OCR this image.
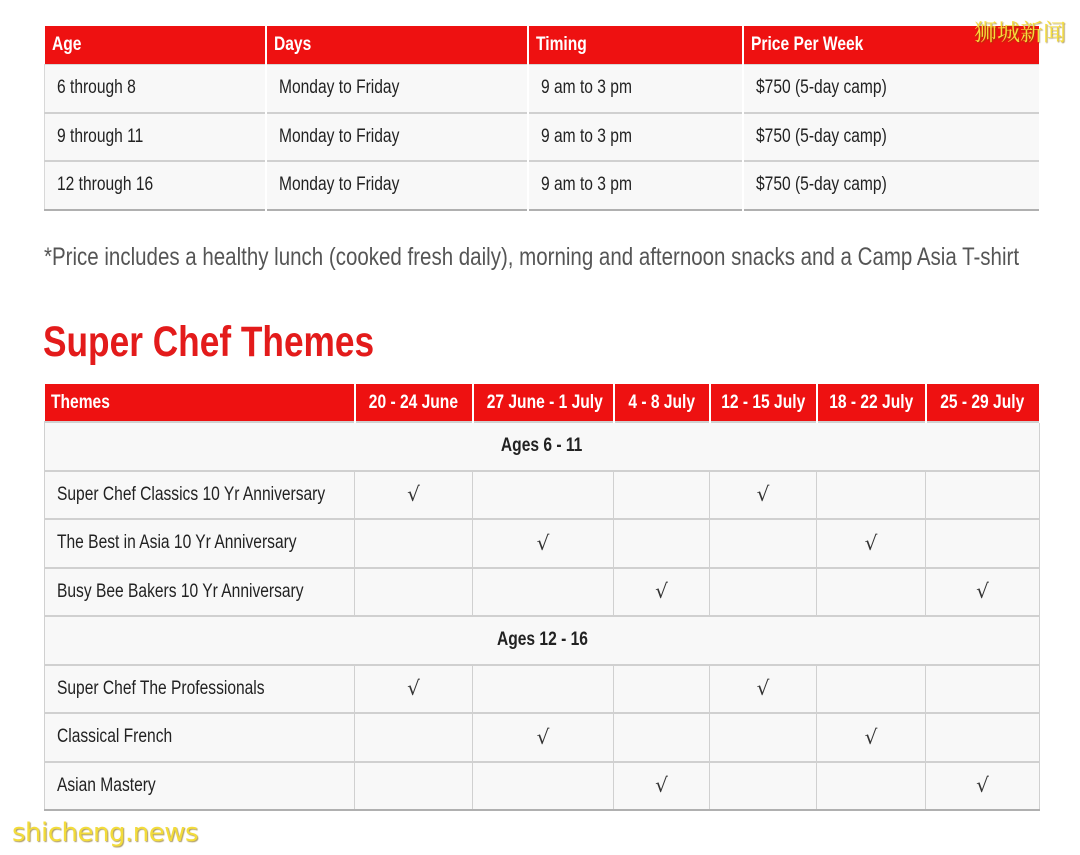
Age	Days	Timing	Price Per Week
6 through 8	Monday to Friday	9 am to 3 pm	$750 (5-day camp)
9 through 11	Monday to Friday	9 am to 3 pm	$750 (5-day camp)
12 through 16	Monday to Friday	9 am to 3 pm	$750 (5-day camp)
*Price includes a healthy lunch (cooked fresh daily), morning and afternoon snacks and a Camp Asia T-shirt
Super Chef Themes
Themes	20 - 24 June	27 June - 1 July	4 - 8 July	12 - 15 July	18 - 22 July	25 - 29 July
Ages 6 - 11						
Super Chef Classics 10 Yr Anniversary	√			√		
The Best in Asia 10 Yr Anniversary		√			√	
Busy Bee Bakers 10 Yr Anniversary			√			√
Ages 12 - 16						
Super Chef The Professionals	√			√		
Classical French		√			√	
Asian Mastery			√			√
狮城新闻
shicheng.news
